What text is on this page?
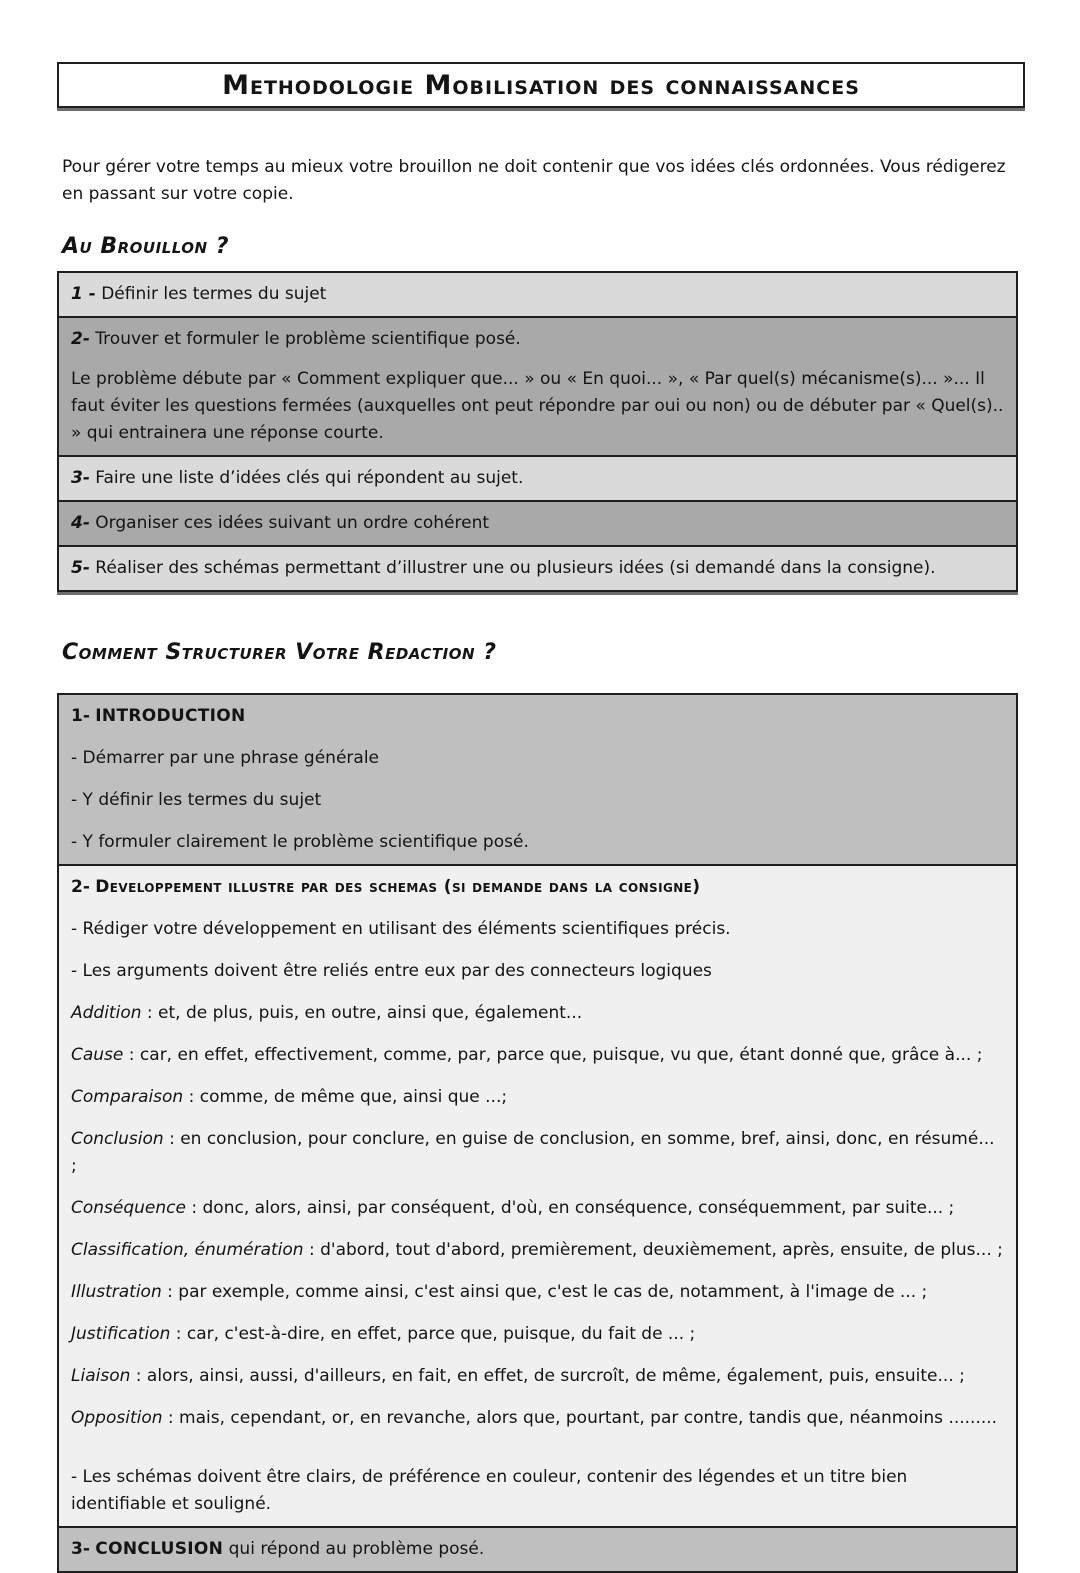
Methodologie Mobilisation des connaissances

Pour gérer votre temps au mieux votre brouillon ne doit contenir que vos idées clés ordonnées. Vous rédigerez en passant sur votre copie.

Au Brouillon ?

1 - Définir les termes du sujet

2- Trouver et formuler le problème scientifique posé.

Le problème débute par « Comment expliquer que... » ou « En quoi... », « Par quel(s) mécanisme(s)... »... Il faut éviter les questions fermées (auxquelles ont peut répondre par oui ou non) ou de débuter par « Quel(s).. » qui entrainera une réponse courte.

3- Faire une liste d’idées clés qui répondent au sujet.

4- Organiser ces idées suivant un ordre cohérent

5- Réaliser des schémas permettant d’illustrer une ou plusieurs idées (si demandé dans la consigne).

Comment Structurer Votre Redaction ?

1- INTRODUCTION

- Démarrer par une phrase générale

- Y définir les termes du sujet

- Y formuler clairement le problème scientifique posé.

2- Developpement illustre par des schemas (si demande dans la consigne)

- Rédiger votre développement en utilisant des éléments scientifiques précis.

- Les arguments doivent être reliés entre eux par des connecteurs logiques

Addition : et, de plus, puis, en outre, ainsi que, également...

Cause : car, en effet, effectivement, comme, par, parce que, puisque, vu que, étant donné que, grâce à... ;

Comparaison : comme, de même que, ainsi que ...;

Conclusion : en conclusion, pour conclure, en guise de conclusion, en somme, bref, ainsi, donc, en résumé... ;

Conséquence : donc, alors, ainsi, par conséquent, d'où, en conséquence, conséquemment, par suite... ;

Classification, énumération : d'abord, tout d'abord, premièrement, deuxièmement, après, ensuite, de plus... ;

Illustration : par exemple, comme ainsi, c'est ainsi que, c'est le cas de, notamment, à l'image de ... ;

Justification : car, c'est-à-dire, en effet, parce que, puisque, du fait de ... ;

Liaison : alors, ainsi, aussi, d'ailleurs, en fait, en effet, de surcroît, de même, également, puis, ensuite... ;

Opposition : mais, cependant, or, en revanche, alors que, pourtant, par contre, tandis que, néanmoins .........

- Les schémas doivent être clairs, de préférence en couleur, contenir des légendes et un titre bien identifiable et souligné.

3- CONCLUSION qui répond au problème posé.
